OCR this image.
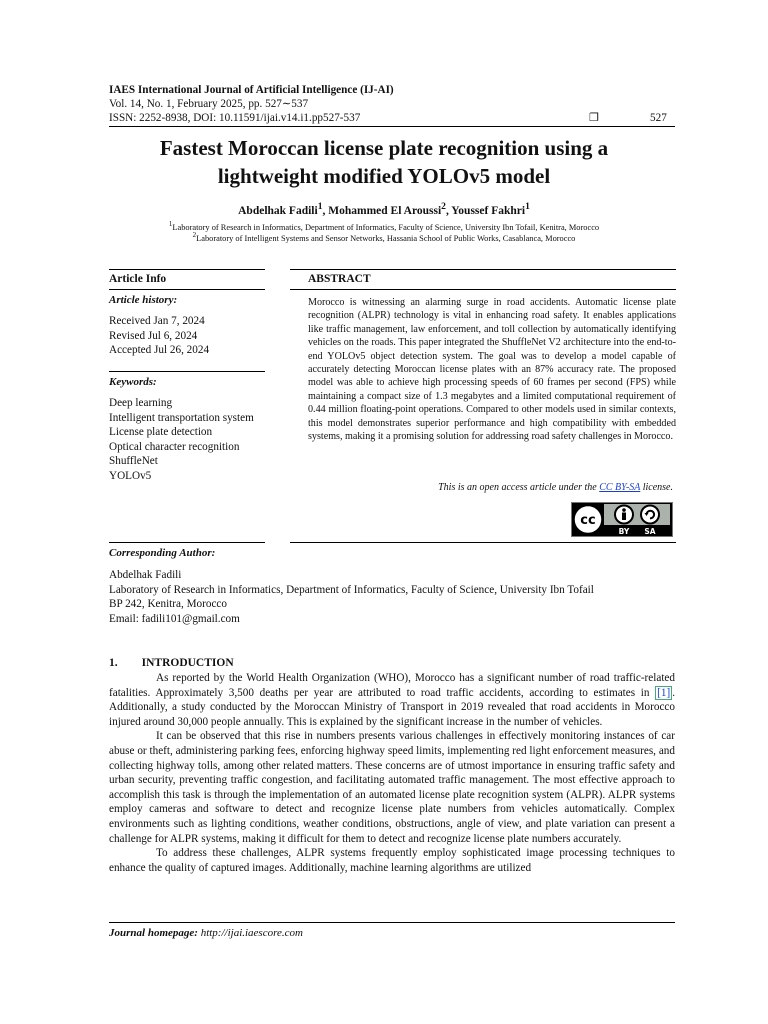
IAES International Journal of Artificial Intelligence (IJ-AI)
Vol. 14, No. 1, February 2025, pp. 527∼537
ISSN: 2252-8938, DOI: 10.11591/ijai.v14.i1.pp527-537	❐	527
Fastest Moroccan license plate recognition using a
lightweight modified YOLOv5 model
Abdelhak Fadili$^1$, Mohammed El Aroussi$^2$, Youssef Fakhri$^1$
$^1$Laboratory of Research in Informatics, Department of Informatics, Faculty of Science, University Ibn Tofail, Kenitra, Morocco
$^2$Laboratory of Intelligent Systems and Sensor Networks, Hassania School of Public Works, Casablanca, Morocco
Article Info
Article history:
Received Jan 7, 2024
Revised Jul 6, 2024
Accepted Jul 26, 2024
Keywords:
Deep learning
Intelligent transportation system
License plate detection
Optical character recognition
ShuffleNet
YOLOv5
ABSTRACT
Morocco is witnessing an alarming surge in road accidents. Automatic license plate recognition (ALPR) technology is vital in enhancing road safety. It enables applications like traffic management, law enforcement, and toll collection by automatically identifying vehicles on the roads. This paper integrated the ShuffleNet V2 architecture into the end-to-end YOLOv5 object detection system. The goal was to develop a model capable of accurately detecting Moroccan license plates with an 87% accuracy rate. The proposed model was able to achieve high processing speeds of 60 frames per second (FPS) while maintaining a compact size of 1.3 megabytes and a limited computational requirement of 0.44 million floating-point operations. Compared to other models used in similar contexts, this model demonstrates superior performance and high compatibility with embedded systems, making it a promising solution for addressing road safety challenges in Morocco.
This is an open access article under the CC BY-SA license.
cc
BY SA
Corresponding Author:
Abdelhak Fadili
Laboratory of Research in Informatics, Department of Informatics, Faculty of Science, University Ibn Tofail
BP 242, Kenitra, Morocco
Email: fadili101@gmail.com
1. INTRODUCTION

As reported by the World Health Organization (WHO), Morocco has a significant number of road traffic-related fatalities. Approximately 3,500 deaths per year are attributed to road traffic accidents, according to estimates in [1] . Additionally, a study conducted by the Moroccan Ministry of Transport in 2019 revealed that road accidents in Morocco injured around 30,000 people annually. This is explained by the significant increase in the number of vehicles.

It can be observed that this rise in numbers presents various challenges in effectively monitoring instances of car abuse or theft, administering parking fees, enforcing highway speed limits, implementing red light enforcement measures, and collecting highway tolls, among other related matters. These concerns are of utmost importance in ensuring traffic safety and urban security, preventing traffic congestion, and facilitating automated traffic management. The most effective approach to accomplish this task is through the implementation of an automated license plate recognition system (ALPR). ALPR systems employ cameras and software to detect and recognize license plate numbers from vehicles automatically. Complex environments such as lighting conditions, weather conditions, obstructions, angle of view, and plate variation can present a challenge for ALPR systems, making it difficult for them to detect and recognize license plate numbers accurately.

To address these challenges, ALPR systems frequently employ sophisticated image processing techniques to enhance the quality of captured images. Additionally, machine learning algorithms are utilized

Journal homepage: http://ijai.iaescore.com
